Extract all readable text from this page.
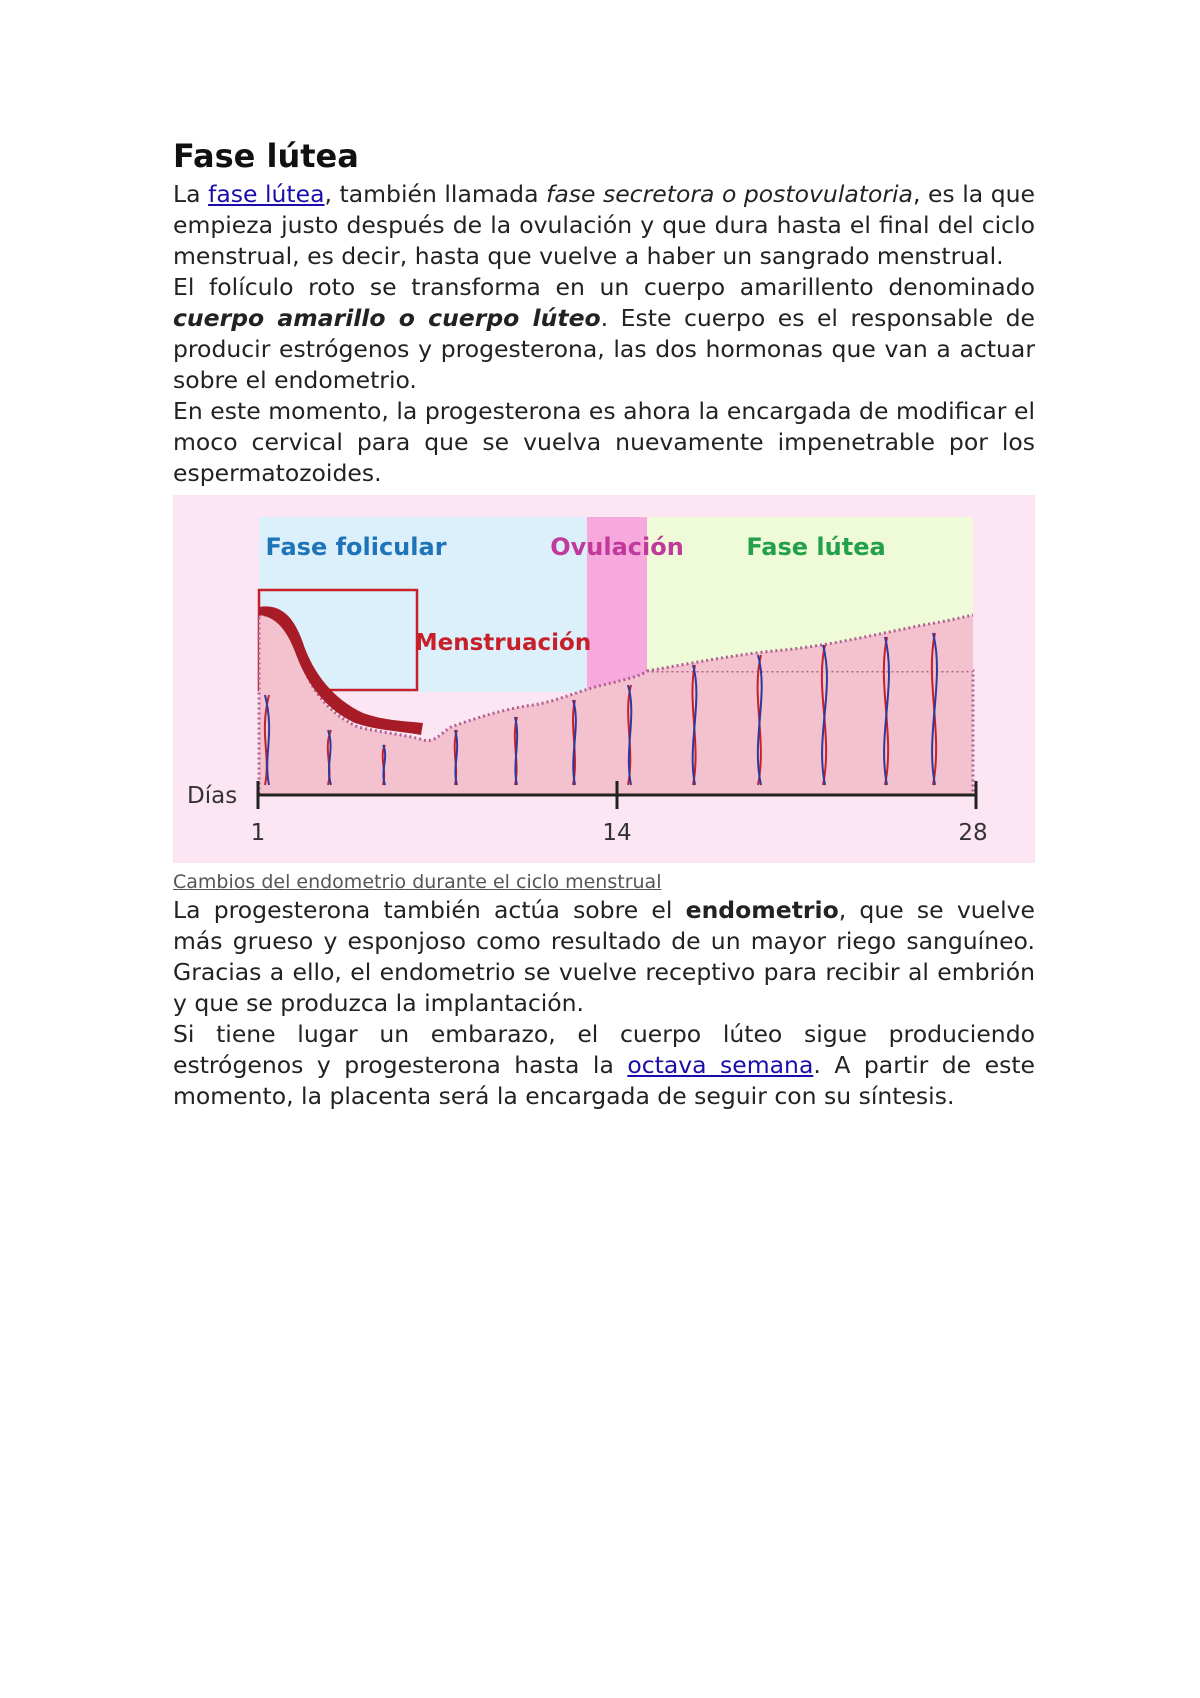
Fase lútea

La fase lútea, también llamada fase secretora o postovulatoria, es la que empieza justo después de la ovulación y que dura hasta el final del ciclo menstrual, es decir, hasta que vuelve a haber un sangrado menstrual.

El folículo roto se transforma en un cuerpo amarillento denominado cuerpo amarillo o cuerpo lúteo. Este cuerpo es el responsable de producir estrógenos y progesterona, las dos hormonas que van a actuar sobre el endometrio.

En este momento, la progesterona es ahora la encargada de modificar el moco cervical para que se vuelva nuevamente impenetrable por los espermatozoides.

Fase folicular	Ovulación	Fase lútea
Menstruación
Días
1	14	28
Cambios del endometrio durante el ciclo menstrual

La progesterona también actúa sobre el endometrio, que se vuelve más grueso y esponjoso como resultado de un mayor riego sanguíneo. Gracias a ello, el endometrio se vuelve receptivo para recibir al embrión y que se produzca la implantación.

Si tiene lugar un embarazo, el cuerpo lúteo sigue produciendo estrógenos y progesterona hasta la octava semana. A partir de este momento, la placenta será la encargada de seguir con su síntesis.
